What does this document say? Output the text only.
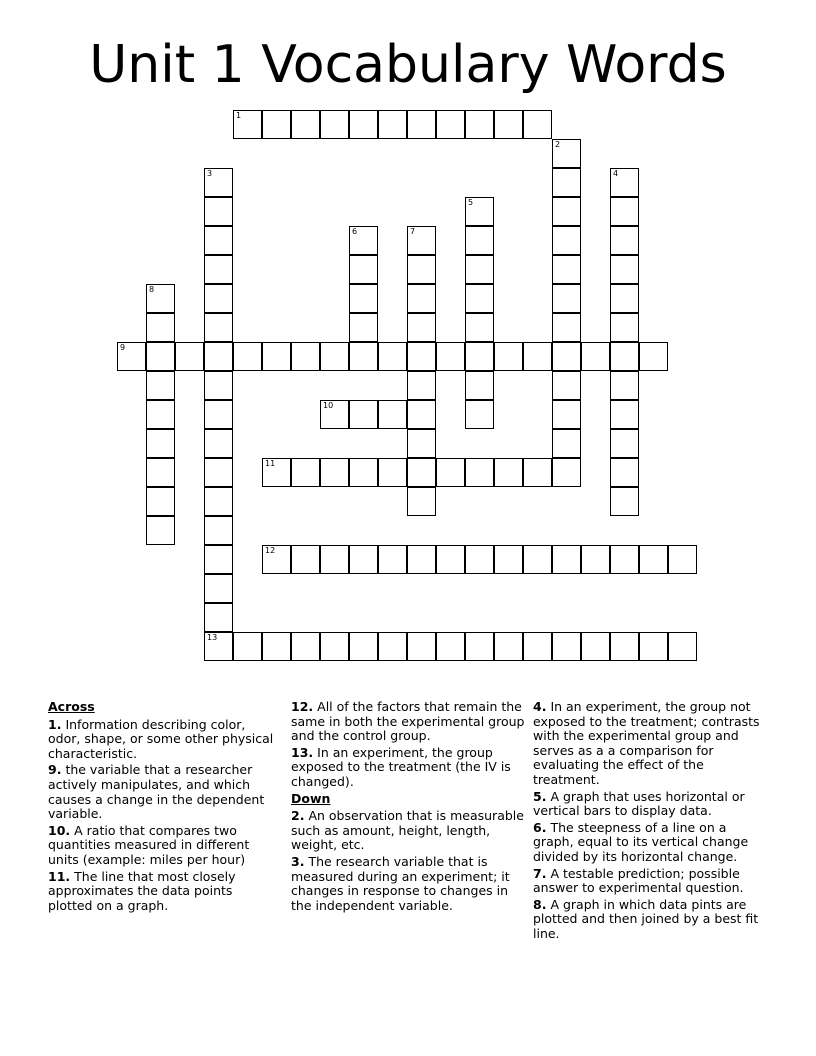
Unit 1 Vocabulary Words
1
2
3
13
4
5
6	7
8
9
10
11
12
Across
1. Information describing color, odor, shape, or some other physical characteristic.
9. the variable that a researcher actively manipulates, and which causes a change in the dependent variable.
10. A ratio that compares two quantities measured in different units (example: miles per hour)
11. The line that most closely approximates the data points plotted on a graph.
12. All of the factors that remain the same in both the experimental group and the control group.
13. In an experiment, the group exposed to the treatment (the IV is changed).
Down
2. An observation that is measurable such as amount, height, length, weight, etc.
3. The research variable that is measured during an experiment; it changes in response to changes in the independent variable.
4. In an experiment, the group not exposed to the treatment; contrasts with the experimental group and serves as a a comparison for evaluating the effect of the treatment.
5. A graph that uses horizontal or vertical bars to display data.
6. The steepness of a line on a graph, equal to its vertical change divided by its horizontal change.
7. A testable prediction; possible answer to experimental question.
8. A graph in which data pints are plotted and then joined by a best fit line.
